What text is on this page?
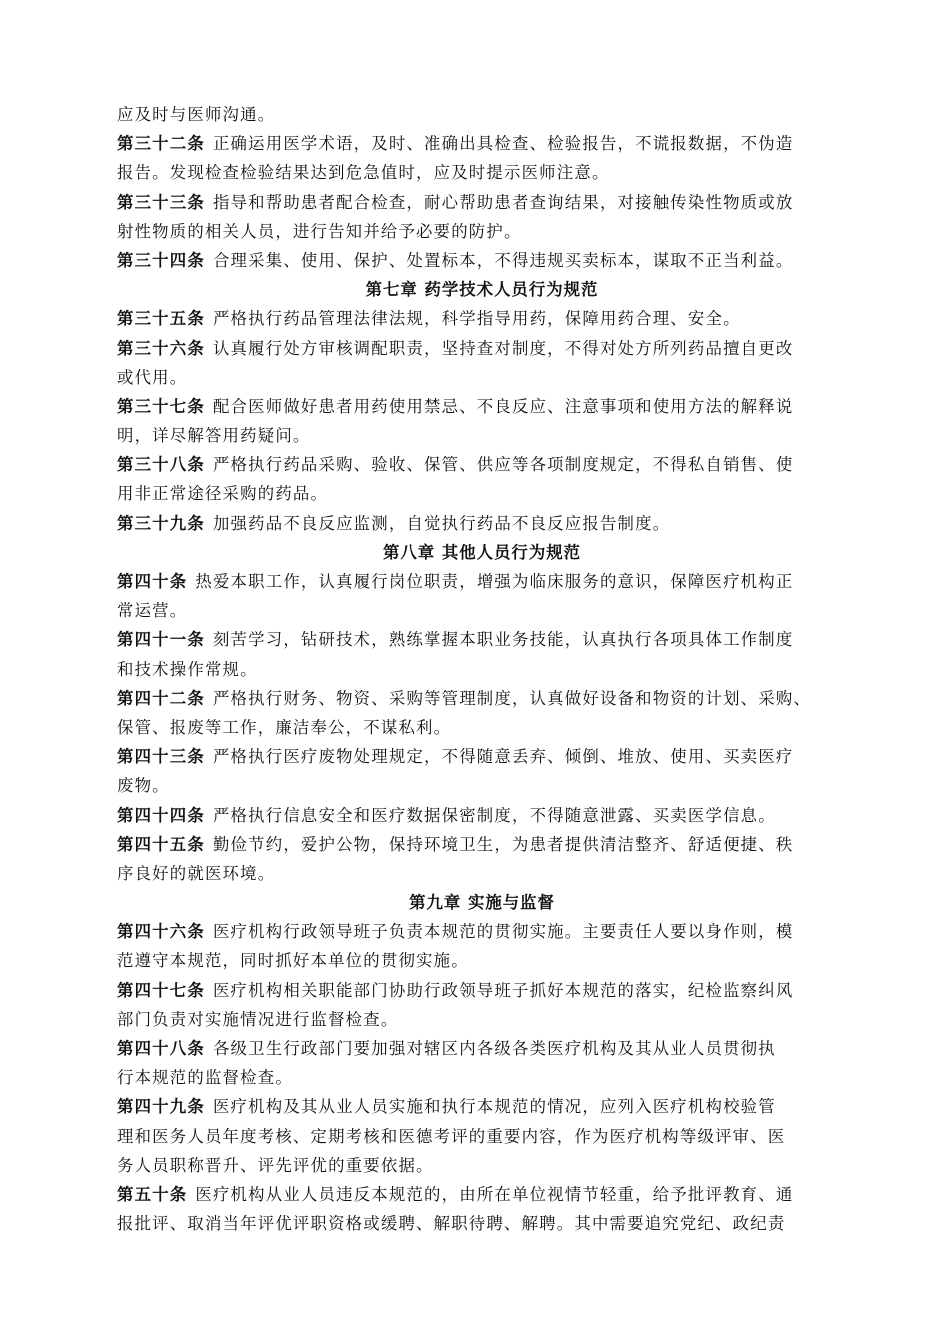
应及时与医师沟通。
第三十二条 正确运用医学术语，及时、准确出具检查、检验报告，不谎报数据，不伪造
报告。发现检查检验结果达到危急值时，应及时提示医师注意。
第三十三条 指导和帮助患者配合检查，耐心帮助患者查询结果，对接触传染性物质或放
射性物质的相关人员，进行告知并给予必要的防护。
第三十四条 合理采集、使用、保护、处置标本，不得违规买卖标本，谋取不正当利益。
第七章 药学技术人员行为规范
第三十五条 严格执行药品管理法律法规，科学指导用药，保障用药合理、安全。
第三十六条 认真履行处方审核调配职责，坚持查对制度，不得对处方所列药品擅自更改
或代用。
第三十七条 配合医师做好患者用药使用禁忌、不良反应、注意事项和使用方法的解释说
明，详尽解答用药疑问。
第三十八条 严格执行药品采购、验收、保管、供应等各项制度规定，不得私自销售、使
用非正常途径采购的药品。
第三十九条 加强药品不良反应监测，自觉执行药品不良反应报告制度。
第八章 其他人员行为规范
第四十条 热爱本职工作，认真履行岗位职责，增强为临床服务的意识，保障医疗机构正
常运营。
第四十一条 刻苦学习，钻研技术，熟练掌握本职业务技能，认真执行各项具体工作制度
和技术操作常规。
第四十二条 严格执行财务、物资、采购等管理制度，认真做好设备和物资的计划、采购、
保管、报废等工作，廉洁奉公，不谋私利。
第四十三条 严格执行医疗废物处理规定，不得随意丢弃、倾倒、堆放、使用、买卖医疗
废物。
第四十四条 严格执行信息安全和医疗数据保密制度，不得随意泄露、买卖医学信息。
第四十五条 勤俭节约，爱护公物，保持环境卫生，为患者提供清洁整齐、舒适便捷、秩
序良好的就医环境。
第九章 实施与监督
第四十六条 医疗机构行政领导班子负责本规范的贯彻实施。主要责任人要以身作则，模
范遵守本规范，同时抓好本单位的贯彻实施。
第四十七条 医疗机构相关职能部门协助行政领导班子抓好本规范的落实，纪检监察纠风
部门负责对实施情况进行监督检查。
第四十八条 各级卫生行政部门要加强对辖区内各级各类医疗机构及其从业人员贯彻执
行本规范的监督检查。
第四十九条 医疗机构及其从业人员实施和执行本规范的情况，应列入医疗机构校验管
理和医务人员年度考核、定期考核和医德考评的重要内容，作为医疗机构等级评审、医
务人员职称晋升、评先评优的重要依据。
第五十条 医疗机构从业人员违反本规范的，由所在单位视情节轻重，给予批评教育、通
报批评、取消当年评优评职资格或缓聘、解职待聘、解聘。其中需要追究党纪、政纪责
